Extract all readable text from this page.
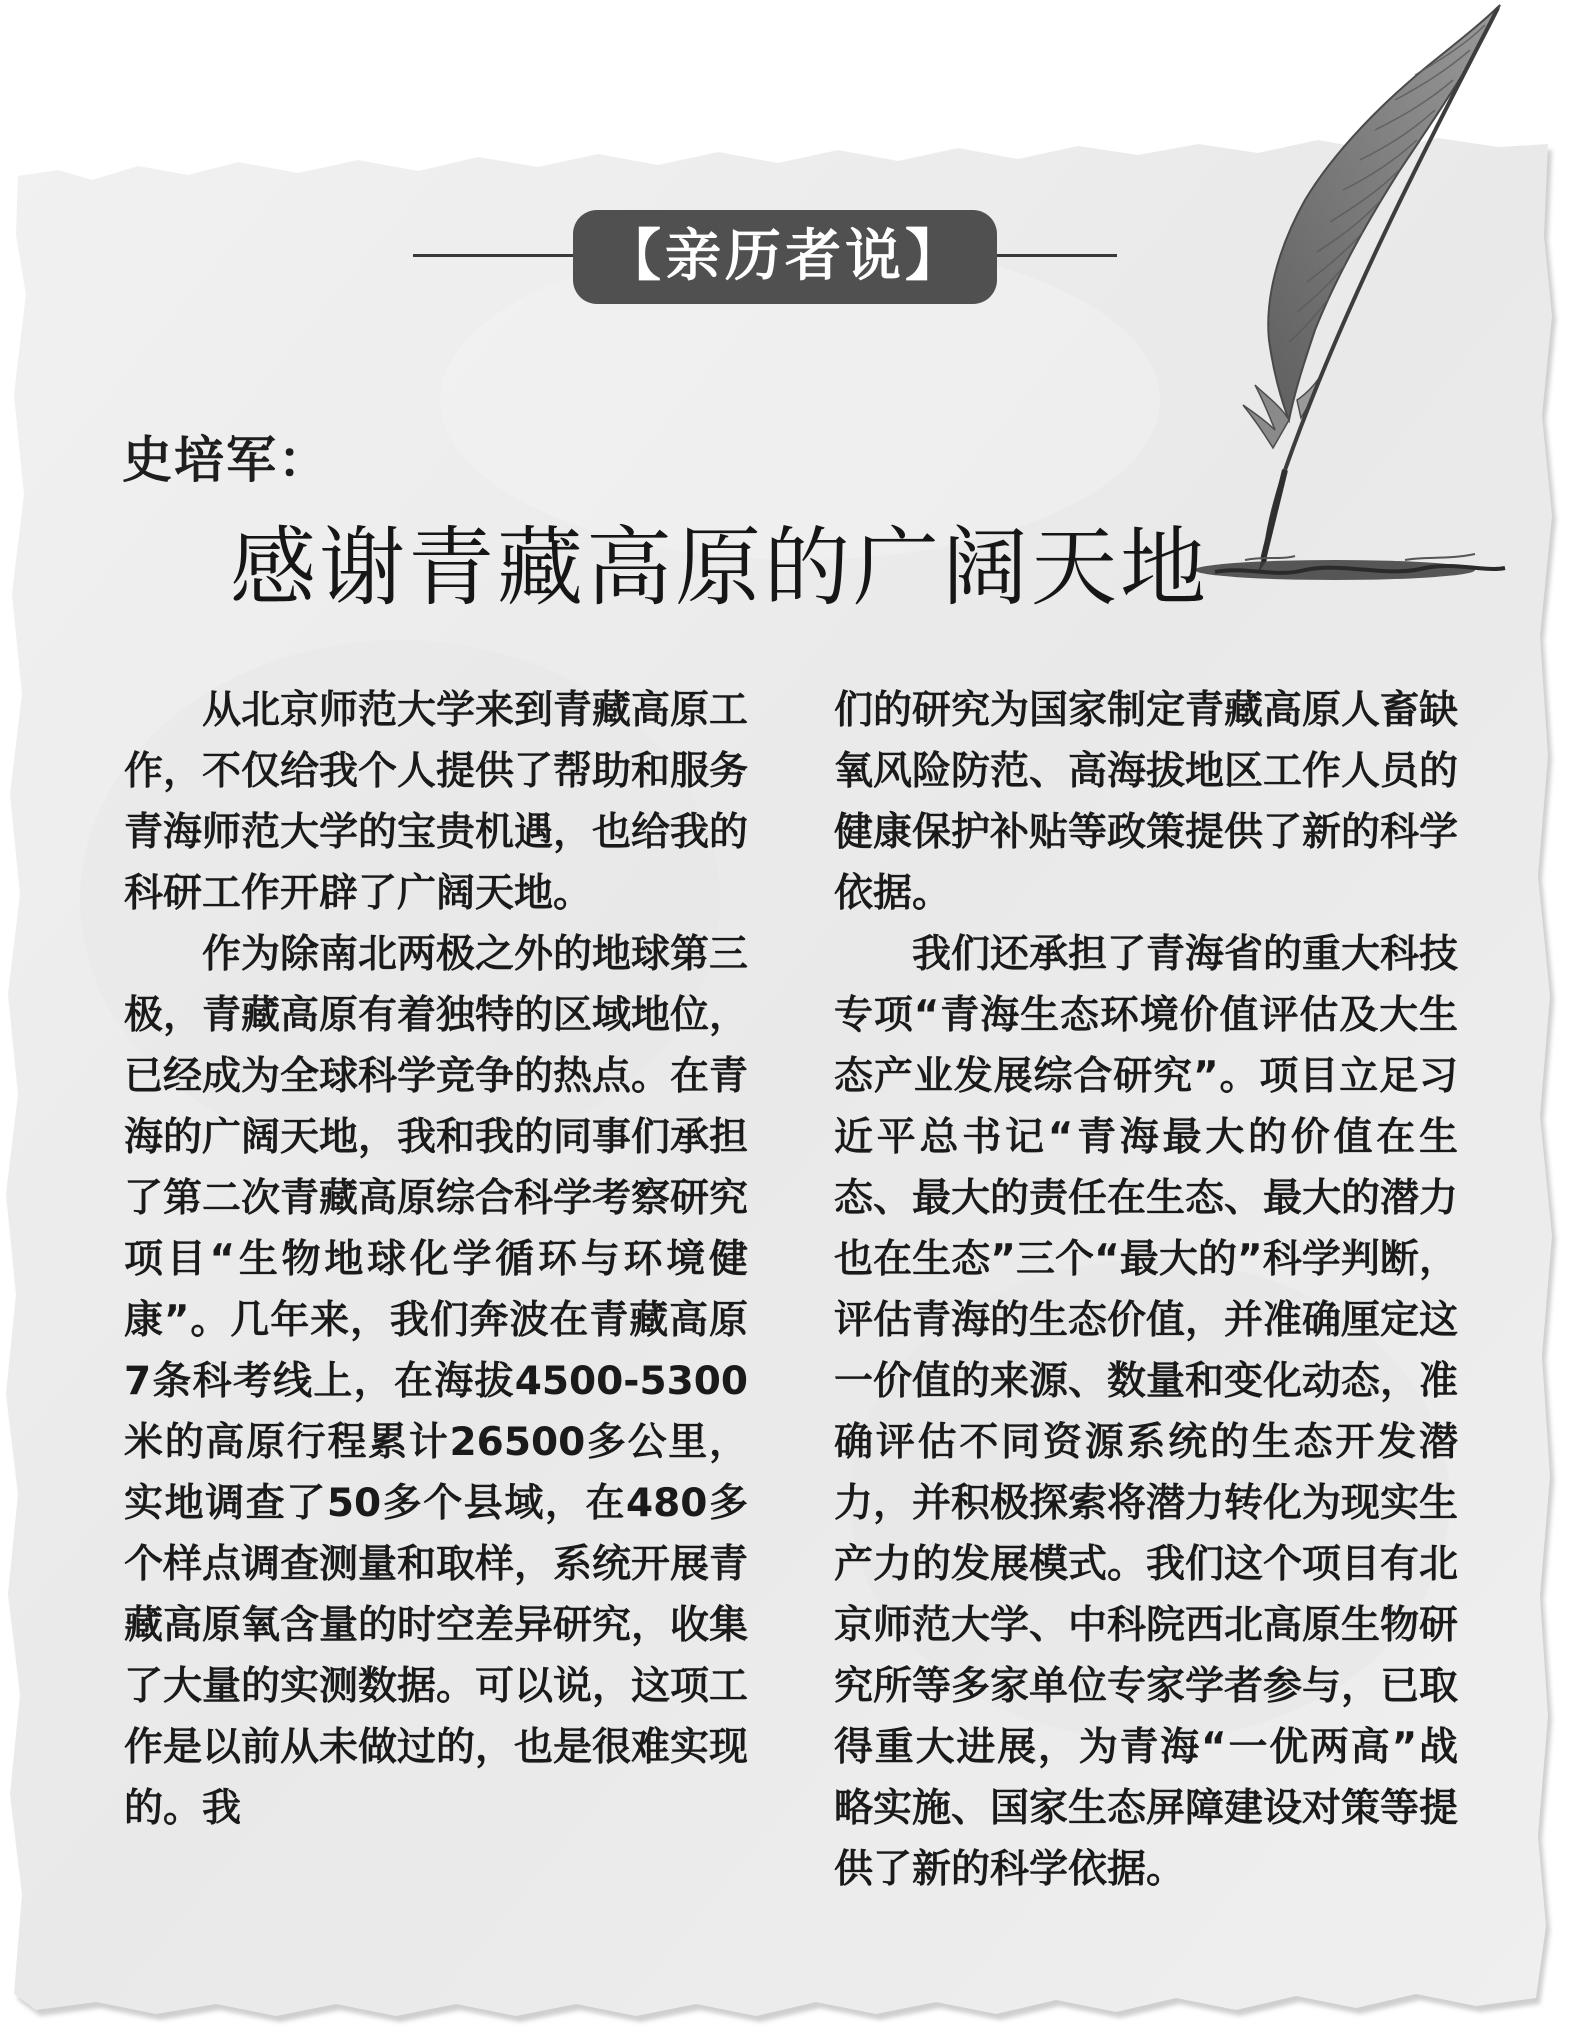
【亲历者说】
史培军：
感谢青藏高原的广阔天地

从北京师范大学来到青藏高原工作，不仅给我个人提供了帮助和服务青海师范大学的宝贵机遇，也给我的科研工作开辟了广阔天地。

作为除南北两极之外的地球第三极，青藏高原有着独特的区域地位，已经成为全球科学竞争的热点。在青海的广阔天地，我和我的同事们承担了第二次青藏高原综合科学考察研究项目“生物地球化学循环与环境健康”。几年来，我们奔波在青藏高原7条科考线上，在海拔4500-5300米的高原行程累计26500多公里，实地调查了50多个县域，在480多个样点调查测量和取样，系统开展青藏高原氧含量的时空差异研究，收集了大量的实测数据。可以说，这项工作是以前从未做过的，也是很难实现的。我

们的研究为国家制定青藏高原人畜缺氧风险防范、高海拔地区工作人员的健康保护补贴等政策提供了新的科学依据。

我们还承担了青海省的重大科技专项“青海生态环境价值评估及大生态产业发展综合研究”。项目立足习近平总书记“青海最大的价值在生态、最大的责任在生态、最大的潜力也在生态”三个“最大的”科学判断，评估青海的生态价值，并准确厘定这一价值的来源、数量和变化动态，准确评估不同资源系统的生态开发潜力，并积极探索将潜力转化为现实生产力的发展模式。我们这个项目有北京师范大学、中科院西北高原生物研究所等多家单位专家学者参与，已取得重大进展，为青海“一优两高”战略实施、国家生态屏障建设对策等提供了新的科学依据。
